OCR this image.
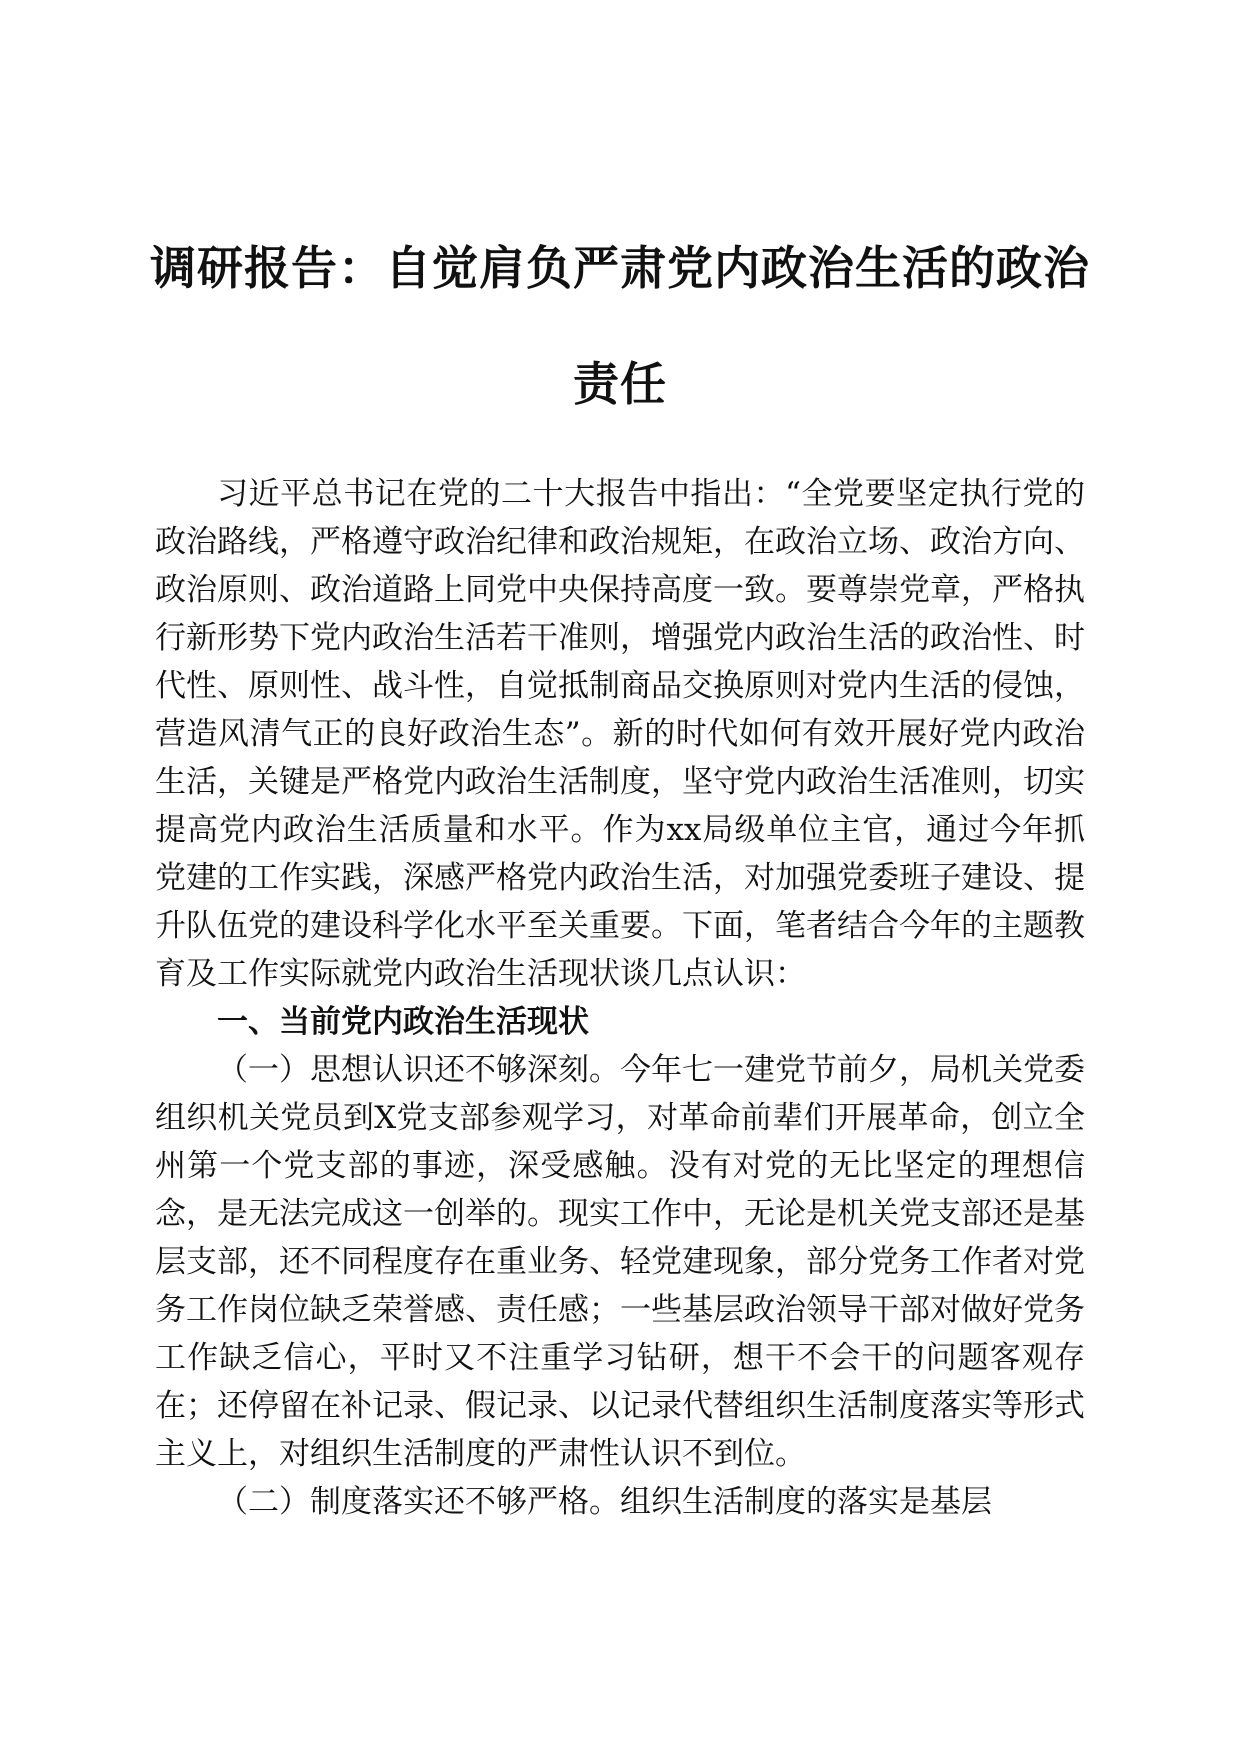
调研报告：自觉肩负严肃党内政治生活的政治
责任

习近平总书记在党的二十大报告中指出：“全党要坚定执行党的政治路线，严格遵守政治纪律和政治规矩，在政治立场、政治方向、政治原则、政治道路上同党中央保持高度一致。要尊崇党章，严格执行新形势下党内政治生活若干准则，增强党内政治生活的政治性、时代性、原则性、战斗性，自觉抵制商品交换原则对党内生活的侵蚀，营造风清气正的良好政治生态”。新的时代如何有效开展好党内政治生活，关键是严格党内政治生活制度，坚守党内政治生活准则，切实提高党内政治生活质量和水平。作为xx局级单位主官，通过今年抓党建的工作实践，深感严格党内政治生活，对加强党委班子建设、提升队伍党的建设科学化水平至关重要。下面，笔者结合今年的主题教育及工作实际就党内政治生活现状谈几点认识：

一、当前党内政治生活现状

（一）思想认识还不够深刻。今年七一建党节前夕，局机关党委组织机关党员到X党支部参观学习，对革命前辈们开展革命，创立全州第一个党支部的事迹，深受感触。没有对党的无比坚定的理想信念，是无法完成这一创举的。现实工作中，无论是机关党支部还是基层支部，还不同程度存在重业务、轻党建现象，部分党务工作者对党务工作岗位缺乏荣誉感、责任感；一些基层政治领导干部对做好党务工作缺乏信心，平时又不注重学习钻研，想干不会干的问题客观存在；还停留在补记录、假记录、以记录代替组织生活制度落实等形式主义上，对组织生活制度的严肃性认识不到位。

（二）制度落实还不够严格。组织生活制度的落实是基层
